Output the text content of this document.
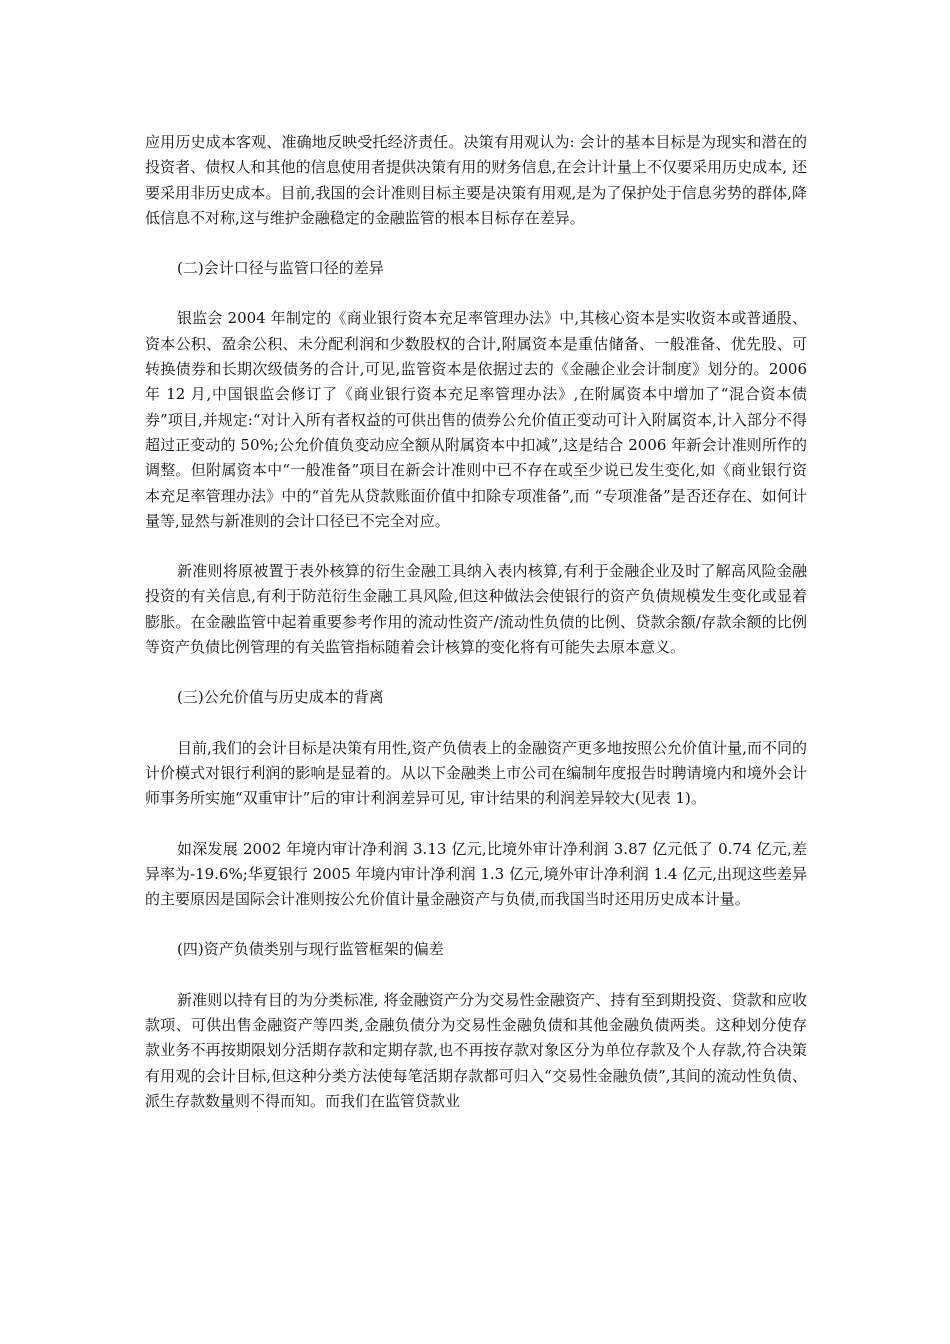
应用历史成本客观、准确地反映受托经济责任。决策有用观认为: 会计的基本目标是为现实和潜在的投资者、债权人和其他的信息使用者提供决策有用的财务信息,在会计计量上不仅要采用历史成本, 还要采用非历史成本。目前,我国的会计准则目标主要是决策有用观,是为了保护处于信息劣势的群体,降低信息不对称,这与维护金融稳定的金融监管的根本目标存在差异。

(二)会计口径与监管口径的差异

银监会 2004 年制定的《商业银行资本充足率管理办法》中,其核心资本是实收资本或普通股、资本公积、盈余公积、未分配利润和少数股权的合计,附属资本是重估储备、一般准备、优先股、可转换债券和长期次级债务的合计,可见,监管资本是依据过去的《金融企业会计制度》划分的。2006 年 12 月,中国银监会修订了《商业银行资本充足率管理办法》,在附属资本中增加了“混合资本债券”项目,并规定:“对计入所有者权益的可供出售的债券公允价值正变动可计入附属资本,计入部分不得超过正变动的 50%;公允价值负变动应全额从附属资本中扣减”,这是结合 2006 年新会计准则所作的调整。但附属资本中“一般准备”项目在新会计准则中已不存在或至少说已发生变化,如《商业银行资本充足率管理办法》中的“首先从贷款账面价值中扣除专项准备”,而 “专项准备”是否还存在、如何计量等,显然与新准则的会计口径已不完全对应。

新准则将原被置于表外核算的衍生金融工具纳入表内核算,有利于金融企业及时了解高风险金融投资的有关信息,有利于防范衍生金融工具风险,但这种做法会使银行的资产负债规模发生变化或显着膨胀。在金融监管中起着重要参考作用的流动性资产/流动性负债的比例、贷款余额/存款余额的比例等资产负债比例管理的有关监管指标随着会计核算的变化将有可能失去原本意义。

(三)公允价值与历史成本的背离

目前,我们的会计目标是决策有用性,资产负债表上的金融资产更多地按照公允价值计量,而不同的计价模式对银行利润的影响是显着的。从以下金融类上市公司在编制年度报告时聘请境内和境外会计师事务所实施“双重审计”后的审计利润差异可见, 审计结果的利润差异较大(见表 1)。

如深发展 2002 年境内审计净利润 3.13 亿元,比境外审计净利润 3.87 亿元低了 0.74 亿元,差异率为-19.6%;华夏银行 2005 年境内审计净利润 1.3 亿元,境外审计净利润 1.4 亿元,出现这些差异的主要原因是国际会计准则按公允价值计量金融资产与负债,而我国当时还用历史成本计量。

(四)资产负债类别与现行监管框架的偏差

新准则以持有目的为分类标准, 将金融资产分为交易性金融资产、持有至到期投资、贷款和应收款项、可供出售金融资产等四类,金融负债分为交易性金融负债和其他金融负债两类。这种划分使存款业务不再按期限划分活期存款和定期存款,也不再按存款对象区分为单位存款及个人存款,符合决策有用观的会计目标,但这种分类方法使每笔活期存款都可归入“交易性金融负债”,其间的流动性负债、派生存款数量则不得而知。而我们在监管贷款业
